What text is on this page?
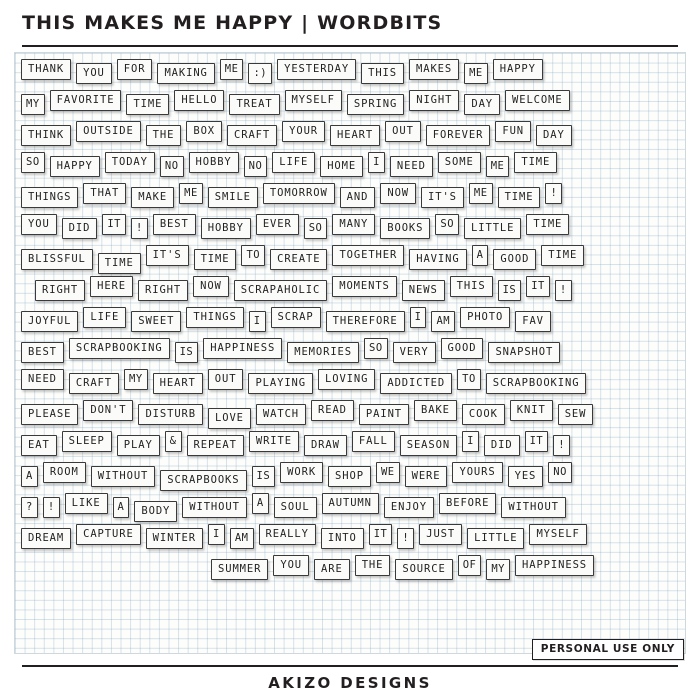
THIS MAKES ME HAPPY | WORDBITS
THANK	YOU	FOR	MAKING	ME	:)	YESTERDAY	THIS	MAKES	ME	HAPPY
MY	FAVORITE	TIME	HELLO	TREAT	MYSELF	SPRING	NIGHT	DAY	WELCOME
THINK	OUTSIDE	THE	BOX	CRAFT	YOUR	HEART	OUT	FOREVER	FUN	DAY
SO	HAPPY	TODAY	NO	HOBBY	NO	LIFE	HOME	I	NEED	SOME	ME	TIME
THINGS	THAT	MAKE	ME	SMILE	TOMORROW	AND	NOW	IT'S	ME	TIME	!
YOU	DID	IT	!	BEST	HOBBY	EVER	SO	MANY	BOOKS	SO	LITTLE	TIME
BLISSFUL	TIME
IT'S	TIME	TO	CREATE	TOGETHER	HAVING	A	GOOD	TIME
RIGHT	HERE	RIGHT	NOW	SCRAPAHOLIC	MOMENTS	NEWS	THIS	IS	IT	!
JOYFUL	LIFE	SWEET	THINGS	I	SCRAP	THEREFORE	I	AM	PHOTO	FAV
BEST	SCRAPBOOKING	IS	HAPPINESS	MEMORIES	SO	VERY	GOOD	SNAPSHOT
NEED	CRAFT	MY	HEART	OUT	PLAYING	LOVING	ADDICTED	TO	SCRAPBOOKING
PLEASE	DON'T	DISTURB	LOVE	WATCH	READ	PAINT	BAKE	COOK	KNIT	SEW
EAT	SLEEP	PLAY	&	REPEAT	WRITE	DRAW	FALL	SEASON	I	DID	IT	!
A	ROOM	WITHOUT	SCRAPBOOKS	IS	WORK	SHOP	WE	WERE	YOURS	YES	NO
?	!	LIKE	A	BODY	WITHOUT	A	SOUL	AUTUMN	ENJOY	BEFORE	WITHOUT
DREAM	CAPTURE	WINTER	I	AM	REALLY	INTO	IT	!	JUST	LITTLE	MYSELF
SUMMER	YOU	ARE	THE	SOURCE	OF	MY	HAPPINESS
PERSONAL USE ONLY
AKIZO DESIGNS
